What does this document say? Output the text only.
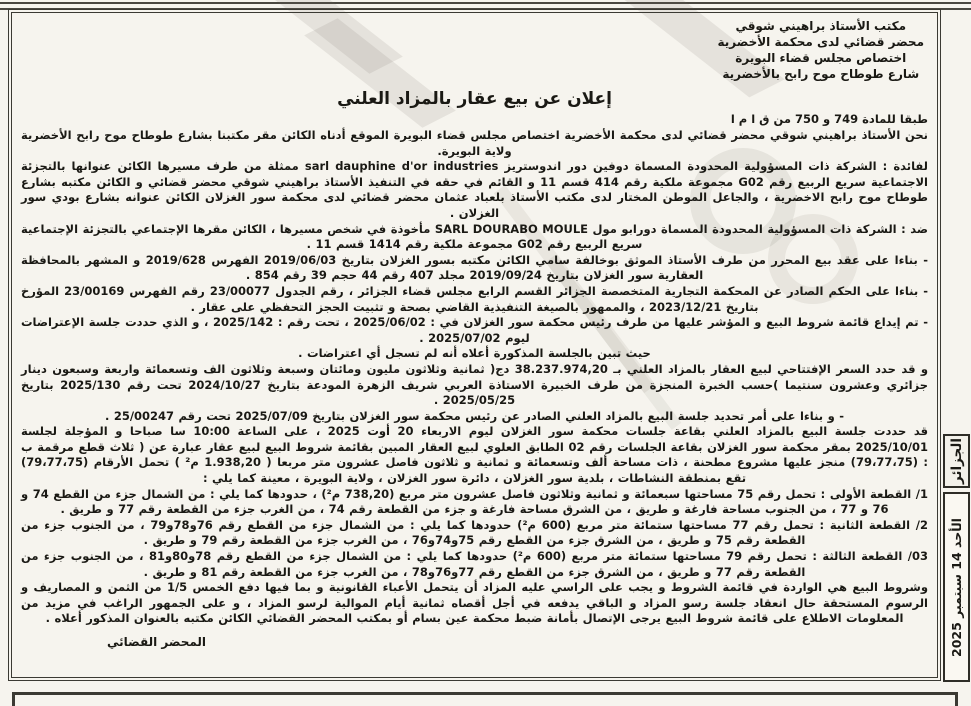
مكتب الأستاذ براهيني شوقي
محضر قضائي لدى محكمة الأخضرية
اختصاص مجلس قضاء البويرة
شارع طوطاح موح رابح بالأخضرية
إعلان عن بيع عقار بالمزاد العلني
طبقا للمادة 749 و 750 من ق ا م ا

نحن الأستاذ براهيني شوقي محضر قضائي لدى محكمة الأخضرية اختصاص مجلس قضاء البويرة الموقع أدناه الكائن مقر مكتبنا بشارع طوطاح موح رابح الأخضرية ولاية البويرة.

لفائدة : الشركة ذات المسؤولية المحدودة المسماة دوفين دور اندوستريز sarl dauphine d'or industries ممثلة من طرف مسيرها الكائن عنوانها بالتجزئة الاجتماعية سريع الربيع رقم G02 مجموعة ملكية رقم 414 قسم 11 و القائم في حقه في التنفيذ الأستاذ براهيني شوقي محضر قضائي و الكائن مكتبه بشارع طوطاح موح رابح الاخضرية ، والجاعل الموطن المختار لدى مكتب الأستاذ بلعباد عثمان محضر قضائي لدى محكمة سور الغزلان الكائن عنوانه بشارع بودي سور الغزلان .

ضد : الشركة ذات المسؤولية المحدودة المسماة دورابو مول SARL DOURABO MOULE مأخوذة في شخص مسيرها ، الكائن مقرها الإجتماعي بالتجزئة الإجتماعية سريع الربيع رقم G02 مجموعة ملكية رقم 1414 قسم 11 .

- بناءا على عقد بيع المحرر من طرف الأستاذ الموثق بوخالفة سامي الكائن مكتبه بسور الغزلان بتاريخ 2019/06/03 الفهرس 2019/628 و المشهر بالمحافظة العقارية سور الغزلان بتاريخ 2019/09/24 مجلد 407 رقم 44 حجم 39 رقم 854 .

- بناءا على الحكم الصادر عن المحكمة التجارية المتخصصة الجزائر القسم الرابع مجلس قضاء الجزائر ، رقم الجدول 23/00077 رقم الفهرس 23/00169 المؤرخ بتاريخ 2023/12/21 ، والممهور بالصيغة التنفيذية القاضي بصحة و تثبيت الحجز التحفظي على عقار .

- تم إيداع قائمة شروط البيع و المؤشر عليها من طرف رئيس محكمة سور الغزلان في : 2025/06/02 ، تحت رقم : 2025/142 ، و الذي حددت جلسة الإعتراضات ليوم 2025/07/02 .

حيث تبين بالجلسة المذكورة أعلاه أنه لم تسجل أي اعتراضات .

و قد حدد السعر الإفتتاحي لبيع العقار بالمزاد العلني بـ 38.237.974,20 دج( ثمانية وثلاثون مليون ومائتان وسبعة وثلاثون الف وتسعمائة واربعة وسبعون دينار جزائري وعشرون سنتيما )حسب الخبرة المنجزة من طرف الخبيرة الاستاذة العربي شريف الزهرة المودعة بتاريخ 2024/10/27 تحت رقم 2025/130 بتاريخ 2025/05/25 .

- و بناءا على أمر تحديد جلسة البيع بالمزاد العلني الصادر عن رئيس محكمة سور الغزلان بتاريخ 2025/07/09 تحت رقم 25/00247 .

قد حددت جلسة البيع بالمزاد العلني بقاعة جلسات محكمة سور الغزلان ليوم الاربعاء 20 أوت 2025 ، على الساعة 10:00 سا صباحا و المؤجلة لجلسة 2025/10/01 بمقر محكمة سور الغزلان بقاعة الجلسات رقم 02 الطابق العلوي لبيع العقار المبين بقائمة شروط البيع لبيع عقار عبارة عن ( ثلاث قطع مرقمة ب : (79،77،75) منجز عليها مشروع مطحنة ، ذات مساحة ألف وتسعمائة و ثمانية و ثلاثون فاصل عشرون متر مربعا ( 1.938,20 م² ) تحمل الأرقام (79،77،75) تقع بمنطقة النشاطات ، بلدية سور الغزلان ، دائرة سور الغزلان ، ولاية البويرة ، معينة كما يلي :

1/ القطعة الأولى : تحمل رقم 75 مساحتها سبعمائة و ثمانية وثلاثون فاصل عشرون متر مربع (738,20 م²) ، حدودها كما يلي : من الشمال جزء من القطع 74 و 76 و 77 ، من الجنوب مساحة فارغة و طريق ، من الشرق مساحة فارغة و جزء من القطعة رقم 74 ، من الغرب جزء من القطعة رقم 77 و طريق .

2/ القطعة الثانية : تحمل رقم 77 مساحتها ستمائة متر مربع (600 م²) حدودها كما يلي : من الشمال جزء من القطع رقم 76و78و79 ، من الجنوب جزء من القطعة رقم 75 و طريق ، من الشرق جزء من القطع رقم 75و74و76 ، من الغرب جزء من القطعة رقم 79 و طريق .

03/ القطعة الثالثة : تحمل رقم 79 مساحتها ستمائة متر مربع (600 م²) حدودها كما يلي : من الشمال جزء من القطع رقم 78و80و81 ، من الجنوب جزء من القطعة رقم 77 و طريق ، من الشرق جزء من القطع رقم 77و76و78 ، من الغرب جزء من القطعة رقم 81 و طريق .

وشروط البيع هي الواردة في قائمة الشروط و يجب على الراسي عليه المزاد أن يتحمل الأعباء القانونية و بما فيها دفع الخمس 1/5 من الثمن و المصاريف و الرسوم المستحقة حال انعقاد جلسة رسو المزاد و الباقي يدفعه في أجل أقصاه ثمانية أيام الموالية لرسو المزاد ، و على الجمهور الراغب في مزيد من المعلومات الاطلاع على قائمة شروط البيع يرجى الإتصال بأمانة ضبط محكمة عين بسام أو بمكتب المحضر القضائي الكائن مكتبه بالعنوان المذكور أعلاه .

المحضر القضائي
الجزائر
الأحد 14 سبتمبر 2025
